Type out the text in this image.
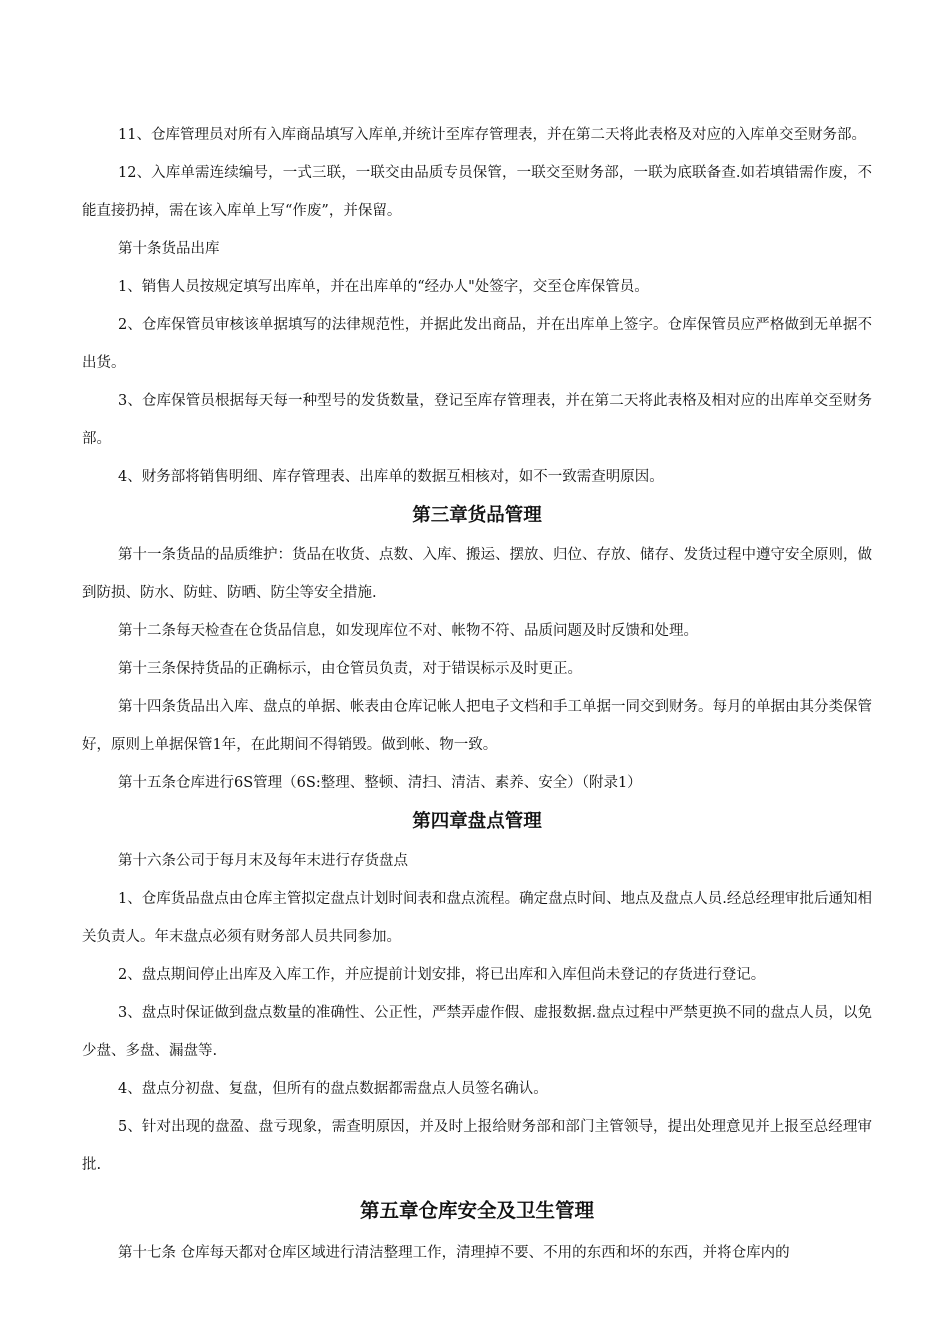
11、仓库管理员对所有入库商品填写入库单,并统计至库存管理表，并在第二天将此表格及对应的入库单交至财务部。

12、入库单需连续编号，一式三联，一联交由品质专员保管，一联交至财务部，一联为底联备查.如若填错需作废，不能直接扔掉，需在该入库单上写“作废”，并保留。

第十条货品出库

1、销售人员按规定填写出库单，并在出库单的“经办人"处签字，交至仓库保管员。

2、仓库保管员审核该单据填写的法律规范性，并据此发出商品，并在出库单上签字。仓库保管员应严格做到无单据不出货。

3、仓库保管员根据每天每一种型号的发货数量，登记至库存管理表，并在第二天将此表格及相对应的出库单交至财务部。

4、财务部将销售明细、库存管理表、出库单的数据互相核对，如不一致需查明原因。

第三章货品管理

第十一条货品的品质维护：货品在收货、点数、入库、搬运、摆放、归位、存放、储存、发货过程中遵守安全原则，做到防损、防水、防蛀、防晒、防尘等安全措施.

第十二条每天检查在仓货品信息，如发现库位不对、帐物不符、品质问题及时反馈和处理。

第十三条保持货品的正确标示，由仓管员负责，对于错误标示及时更正。

第十四条货品出入库、盘点的单据、帐表由仓库记帐人把电子文档和手工单据一同交到财务。每月的单据由其分类保管好，原则上单据保管1年，在此期间不得销毁。做到帐、物一致。

第十五条仓库进行6S管理（6S:整理、整顿、清扫、清洁、素养、安全）（附录1）

第四章盘点管理

第十六条公司于每月末及每年末进行存货盘点

1、仓库货品盘点由仓库主管拟定盘点计划时间表和盘点流程。确定盘点时间、地点及盘点人员.经总经理审批后通知相关负责人。年末盘点必须有财务部人员共同参加。

2、盘点期间停止出库及入库工作，并应提前计划安排，将已出库和入库但尚未登记的存货进行登记。

3、盘点时保证做到盘点数量的准确性、公正性，严禁弄虚作假、虚报数据.盘点过程中严禁更换不同的盘点人员，以免少盘、多盘、漏盘等.

4、盘点分初盘、复盘，但所有的盘点数据都需盘点人员签名确认。

5、针对出现的盘盈、盘亏现象，需查明原因，并及时上报给财务部和部门主管领导，提出处理意见并上报至总经理审批.

第五章仓库安全及卫生管理

第十七条 仓库每天都对仓库区域进行清洁整理工作，清理掉不要、不用的东西和坏的东西，并将仓库内的
